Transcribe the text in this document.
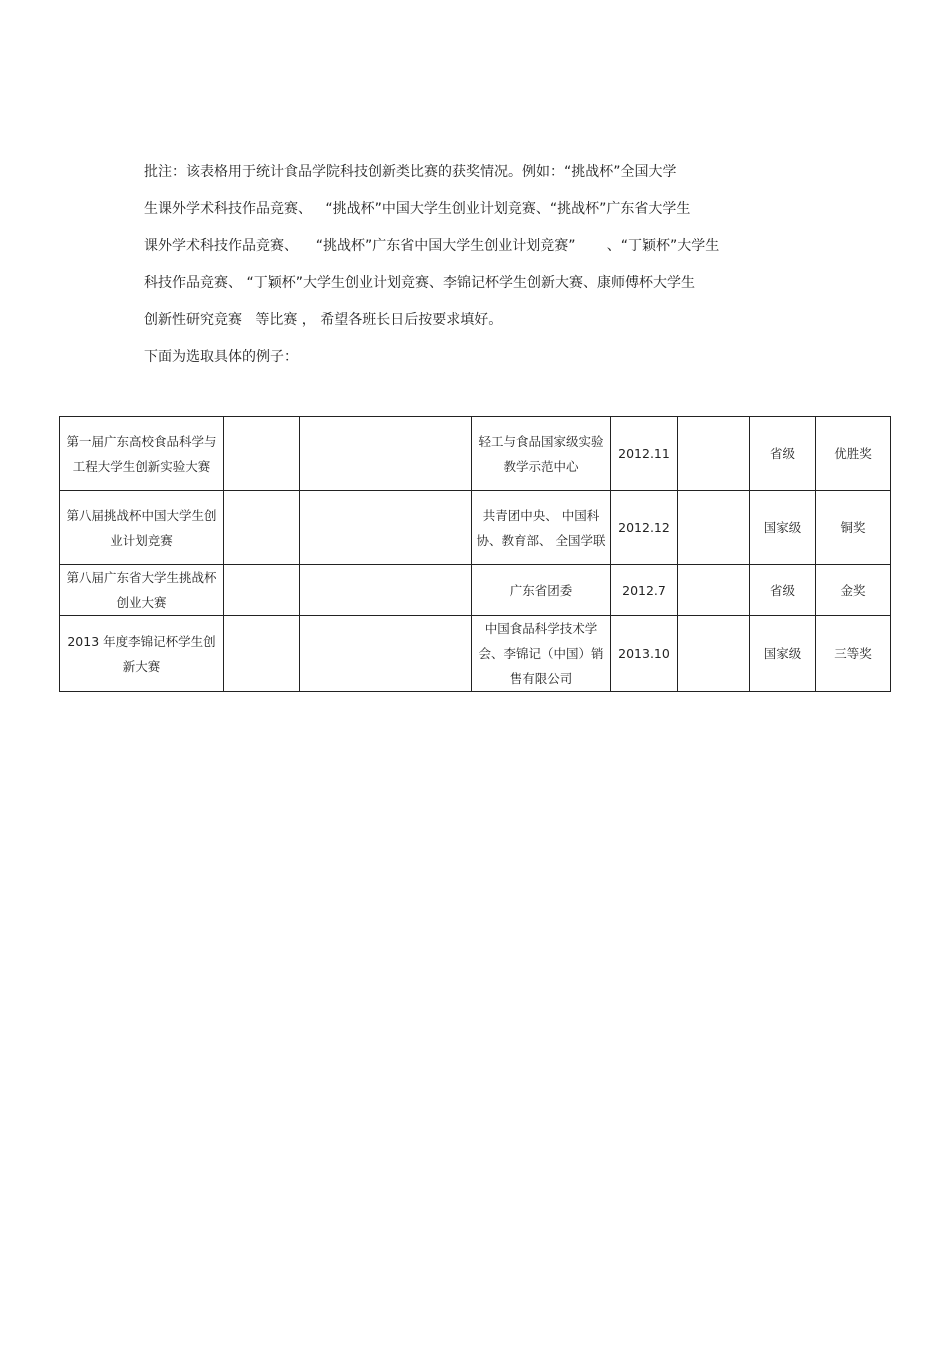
批注：该表格用于统计食品学院科技创新类比赛的获奖情况。例如：“挑战杯”全国大学
生课外学术科技作品竞赛、   “挑战杯”中国大学生创业计划竞赛、“挑战杯”广东省大学生
课外学术科技作品竞赛、    “挑战杯”广东省中国大学生创业计划竞赛”       、“丁颖杯”大学生
科技作品竞赛、 “丁颖杯”大学生创业计划竞赛、李锦记杯学生创新大赛、康师傅杯大学生
创新性研究竞赛   等比赛 ， 希望各班长日后按要求填好。
下面为选取具体的例子：
第一届广东高校食品科学与工程大学生创新实验大赛			轻工与食品国家级实验教学示范中心	2012.11		省级	优胜奖
第八届挑战杯中国大学生创业计划竞赛			共青团中央、 中国科协、教育部、 全国学联	2012.12		国家级	铜奖
第八届广东省大学生挑战杯创业大赛			广东省团委	2012.7		省级	金奖
2013 年度李锦记杯学生创新大赛			中国食品科学技术学会、李锦记（中国）销售有限公司	2013.10		国家级	三等奖
